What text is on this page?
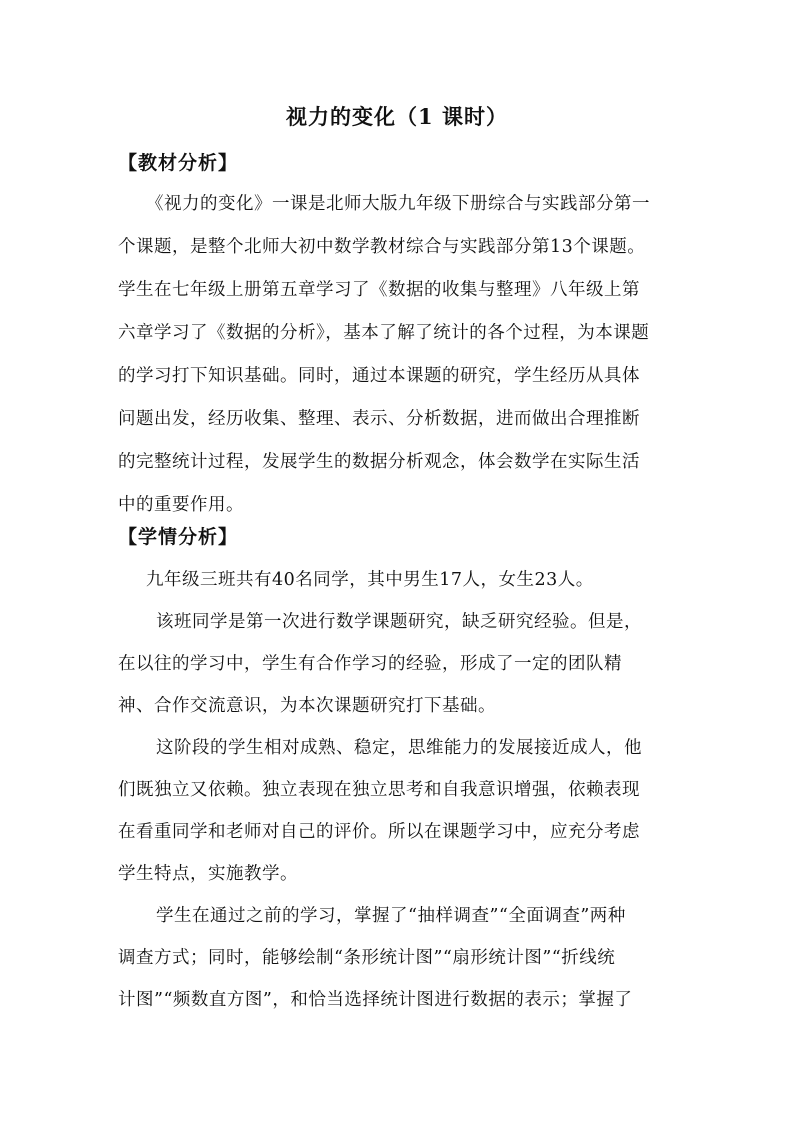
视力的变化（1 课时）
【教材分析】
《视力的变化》一课是北师大版九年级下册综合与实践部分第一
个课题，是整个北师大初中数学教材综合与实践部分第13个课题。
学生在七年级上册第五章学习了《数据的收集与整理》八年级上第
六章学习了《数据的分析》，基本了解了统计的各个过程，为本课题
的学习打下知识基础。同时，通过本课题的研究，学生经历从具体
问题出发，经历收集、整理、表示、分析数据，进而做出合理推断
的完整统计过程，发展学生的数据分析观念，体会数学在实际生活
中的重要作用。
【学情分析】
九年级三班共有40名同学，其中男生17人，女生23人。
该班同学是第一次进行数学课题研究，缺乏研究经验。但是，
在以往的学习中，学生有合作学习的经验，形成了一定的团队精
神、合作交流意识，为本次课题研究打下基础。
这阶段的学生相对成熟、稳定，思维能力的发展接近成人，他
们既独立又依赖。独立表现在独立思考和自我意识增强，依赖表现
在看重同学和老师对自己的评价。所以在课题学习中，应充分考虑
学生特点，实施教学。
学生在通过之前的学习，掌握了“抽样调查”“全面调查”两种
调查方式；同时，能够绘制“条形统计图”“扇形统计图”“折线统
计图”“频数直方图”，和恰当选择统计图进行数据的表示；掌握了
